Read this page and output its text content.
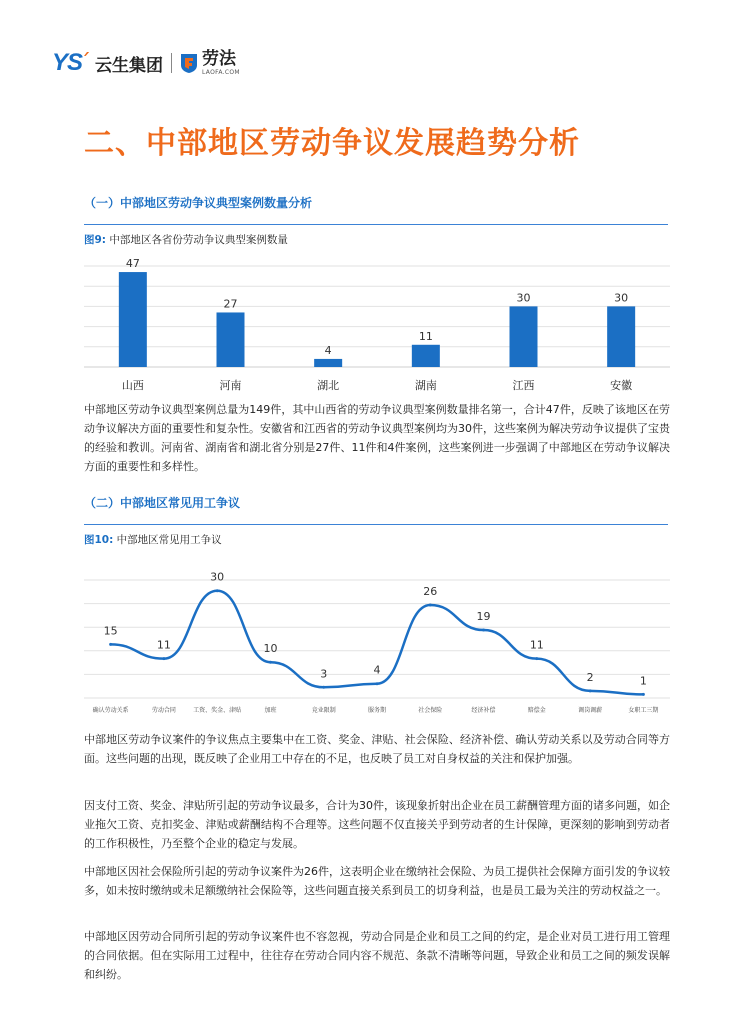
YS
ˊ 云生集团 劳法
LAOFA.COM
二、中部地区劳动争议发展趋势分析
（一）中部地区劳动争议典型案例数量分析
图9: 中部地区各省份劳动争议典型案例数量
47
山西
27
河南
4
湖北
11
湖南
30
江西
30
安徽

中部地区劳动争议典型案例总量为149件，其中山西省的劳动争议典型案例数量排名第一，合计47件，反映了该地区在劳动争议解决方面的重要性和复杂性。安徽省和江西省的劳动争议典型案例均为30件，这些案例为解决劳动争议提供了宝贵的经验和教训。河南省、湖南省和湖北省分别是27件、11件和4件案例，这些案例进一步强调了中部地区在劳动争议解决方面的重要性和多样性。

（二）中部地区常见用工争议
图10: 中部地区常见用工争议
15
确认劳动关系
11
劳动合同
30
工资、奖金、津贴
10
加班
3
竞业限制
4
服务期
26
社会保险
19
经济补偿
11
赔偿金
2
调岗调薪
1
女职工三期

中部地区劳动争议案件的争议焦点主要集中在工资、奖金、津贴、社会保险、经济补偿、确认劳动关系以及劳动合同等方面。这些问题的出现，既反映了企业用工中存在的不足，也反映了员工对自身权益的关注和保护加强。

因支付工资、奖金、津贴所引起的劳动争议最多，合计为30件，该现象折射出企业在员工薪酬管理方面的诸多问题，如企业拖欠工资、克扣奖金、津贴或薪酬结构不合理等。这些问题不仅直接关乎到劳动者的生计保障，更深刻的影响到劳动者的工作积极性，乃至整个企业的稳定与发展。

中部地区因社会保险所引起的劳动争议案件为26件，这表明企业在缴纳社会保险、为员工提供社会保障方面引发的争议较多，如未按时缴纳或未足额缴纳社会保险等，这些问题直接关系到员工的切身利益，也是员工最为关注的劳动权益之一。

中部地区因劳动合同所引起的劳动争议案件也不容忽视，劳动合同是企业和员工之间的约定，是企业对员工进行用工管理的合同依据。但在实际用工过程中，往往存在劳动合同内容不规范、条款不清晰等问题，导致企业和员工之间的频发误解和纠纷。
